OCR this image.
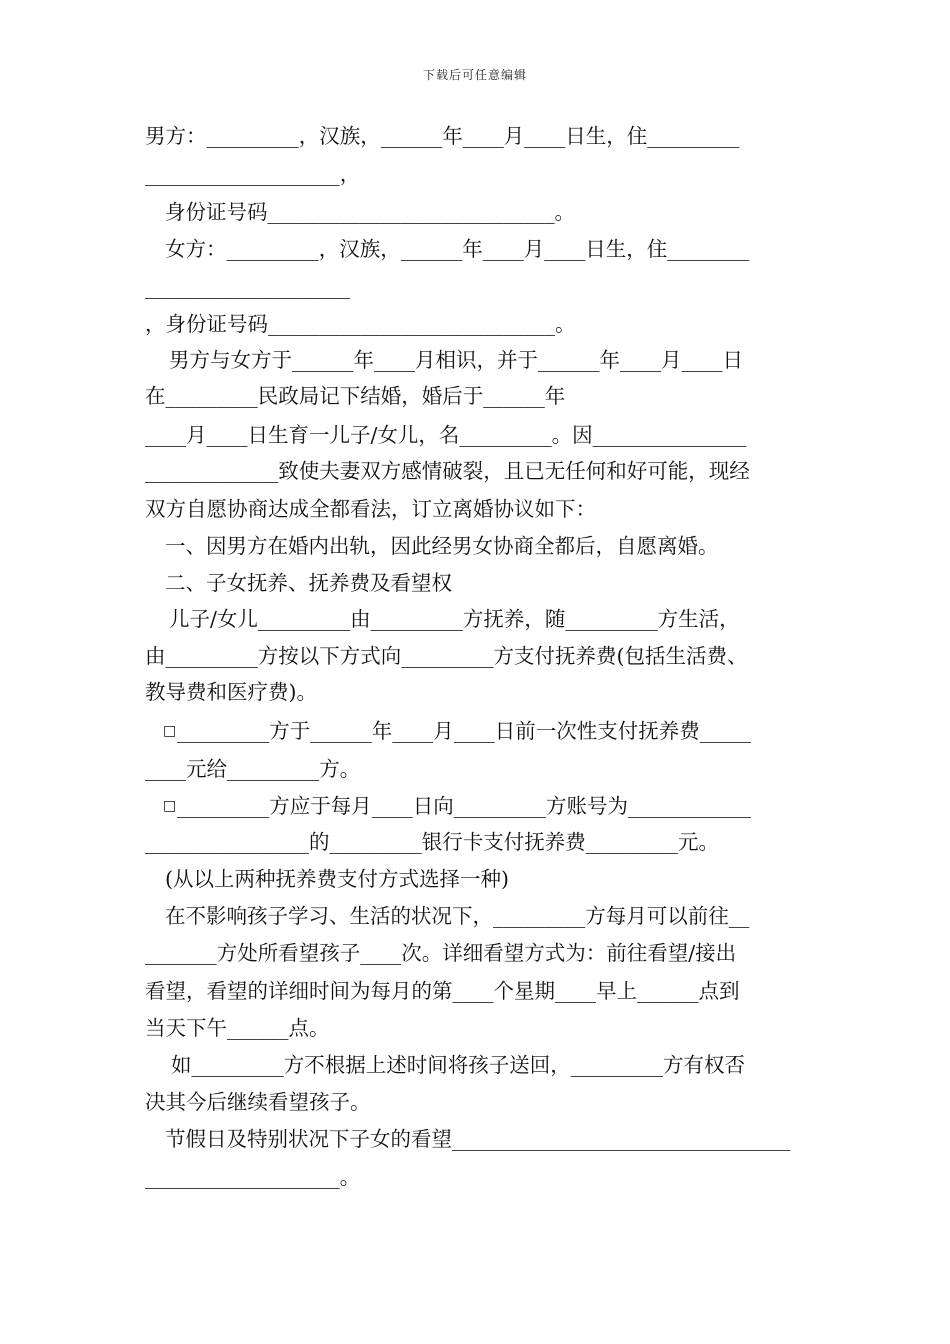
下载后可任意编辑
男方：_________，汉族，______年____月____日生，住_________
___________________，
身份证号码____________________________。
女方：_________，汉族，______年____月____日生，住________
____________________
，身份证号码____________________________。
男方与女方于______年____月相识，并于______年____月____日
在_________民政局记下结婚，婚后于______年
____月____日生育一儿子/女儿，名_________。因_______________
_____________致使夫妻双方感情破裂，且已无任何和好可能，现经
双方自愿协商达成全都看法，订立离婚协议如下：
一、因男方在婚内出轨，因此经男女协商全都后，自愿离婚。
二、子女抚养、抚养费及看望权
儿子/女儿_________由_________方抚养，随_________方生活，
由_________方按以下方式向_________方支付抚养费(包括生活费、
教导费和医疗费)。
□ _________方于______年____月____日前一次性支付抚养费_____
____元给_________方。
□ _________方应于每月____日向_________方账号为____________
________________的_________银行卡支付抚养费_________元。
(从以上两种抚养费支付方式选择一种)
在不影响孩子学习、生活的状况下，_________方每月可以前往__
_______方处所看望孩子____次。详细看望方式为：前往看望/接出
看望，看望的详细时间为每月的第____个星期____早上______点到
当天下午______点。
如_________方不根据上述时间将孩子送回，_________方有权否
决其今后继续看望孩子。
节假日及特别状况下子女的看望_________________________________
___________________。
